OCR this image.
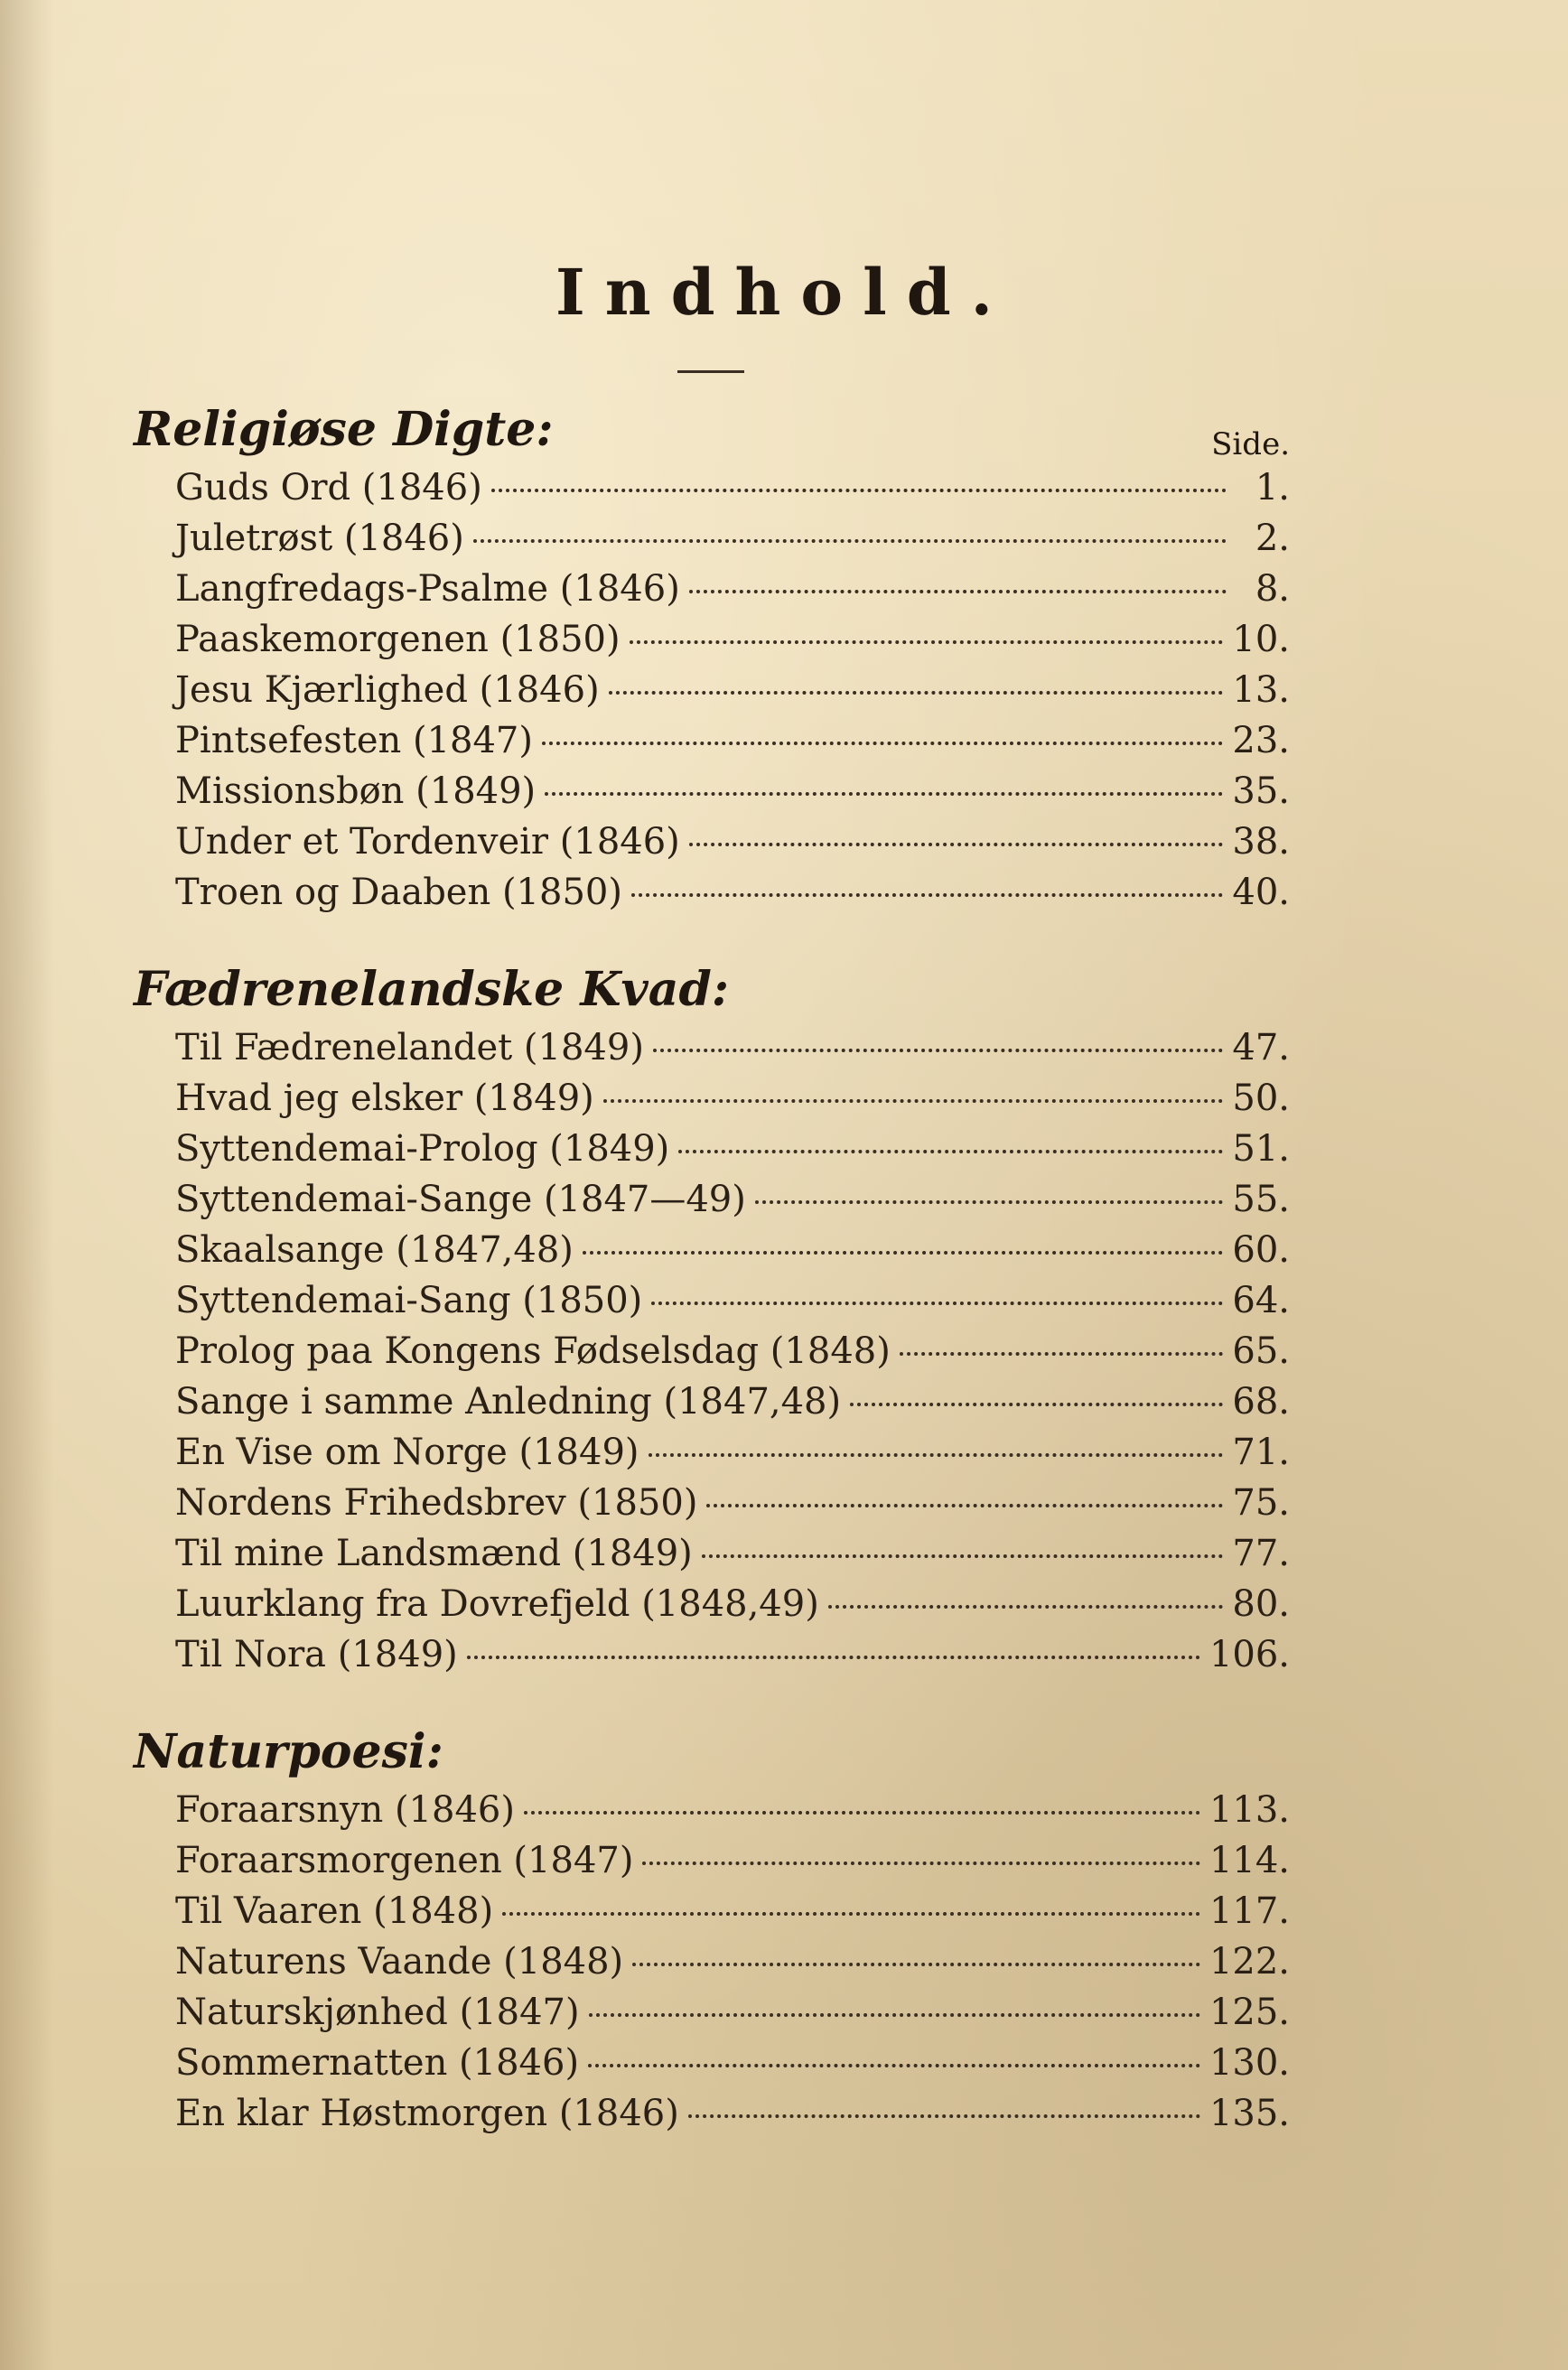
Indhold.
Religiøse Digte:	Side.
Guds Ord (1846)	1.
Juletrøst (1846)	2.
Langfredags-Psalme (1846)	8.
Paaskemorgenen (1850)	10.
Jesu Kjærlighed (1846)	13.
Pintsefesten (1847)	23.
Missionsbøn (1849)	35.
Under et Tordenveir (1846)	38.
Troen og Daaben (1850)	40.
Fædrenelandske Kvad:
Til Fædrenelandet (1849)	47.
Hvad jeg elsker (1849)	50.
Syttendemai-Prolog (1849)	51.
Syttendemai-Sange (1847—49)	55.
Skaalsange (1847,48)	60.
Syttendemai-Sang (1850)	64.
Prolog paa Kongens Fødselsdag (1848)	65.
Sange i samme Anledning (1847,48)	68.
En Vise om Norge (1849)	71.
Nordens Frihedsbrev (1850)	75.
Til mine Landsmænd (1849)	77.
Luurklang fra Dovrefjeld (1848,49)	80.
Til Nora (1849)	106.
Naturpoesi:
Foraarsnyn (1846)	113.
Foraarsmorgenen (1847)	114.
Til Vaaren (1848)	117.
Naturens Vaande (1848)	122.
Naturskjønhed (1847)	125.
Sommernatten (1846)	130.
En klar Høstmorgen (1846)	135.
